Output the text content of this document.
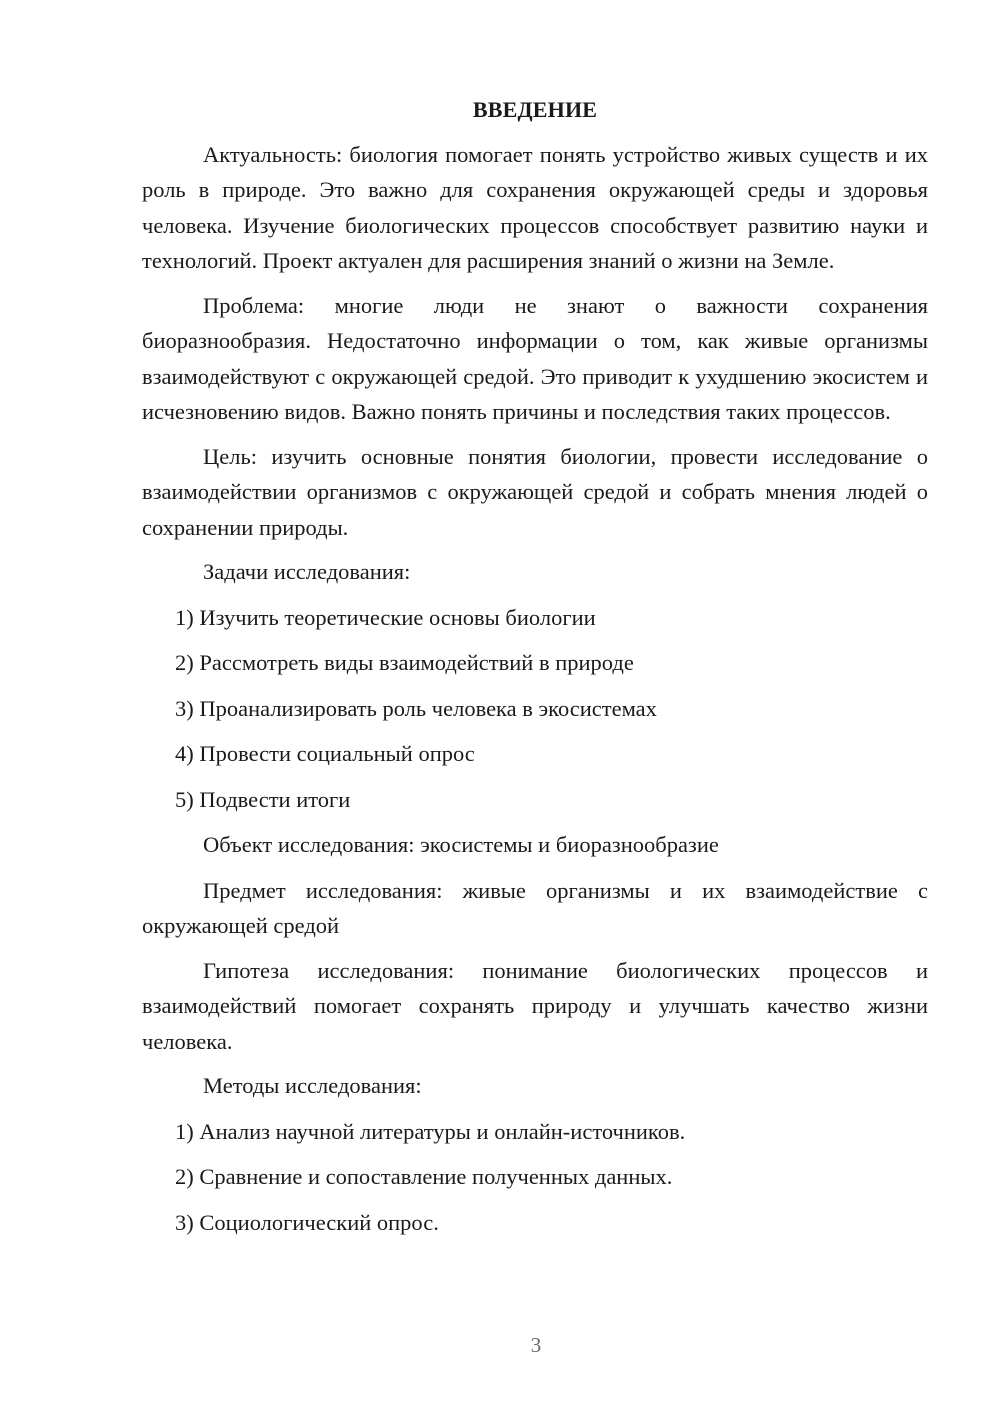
ВВЕДЕНИЕ

Актуальность: биология помогает понять устройство живых существ и их роль в природе. Это важно для сохранения окружающей среды и здоровья человека. Изучение биологических процессов способствует развитию науки и технологий. Проект актуален для расширения знаний о жизни на Земле.

Проблема: многие люди не знают о важности сохранения биоразнообразия. Недостаточно информации о том, как живые организмы взаимодействуют с окружающей средой. Это приводит к ухудшению экосистем и исчезновению видов. Важно понять причины и последствия таких процессов.

Цель: изучить основные понятия биологии, провести исследование о взаимодействии организмов с окружающей средой и собрать мнения людей о сохранении природы.

Задачи исследования:

1) Изучить теоретические основы биологии
2) Рассмотреть виды взаимодействий в природе
3) Проанализировать роль человека в экосистемах
4) Провести социальный опрос
5) Подвести итоги

Объект исследования: экосистемы и биоразнообразие

Предмет исследования: живые организмы и их взаимодействие с окружающей средой

Гипотеза исследования: понимание биологических процессов и взаимодействий помогает сохранять природу и улучшать качество жизни человека.

Методы исследования:

1) Анализ научной литературы и онлайн-источников.
2) Сравнение и сопоставление полученных данных.
3) Социологический опрос.
3
